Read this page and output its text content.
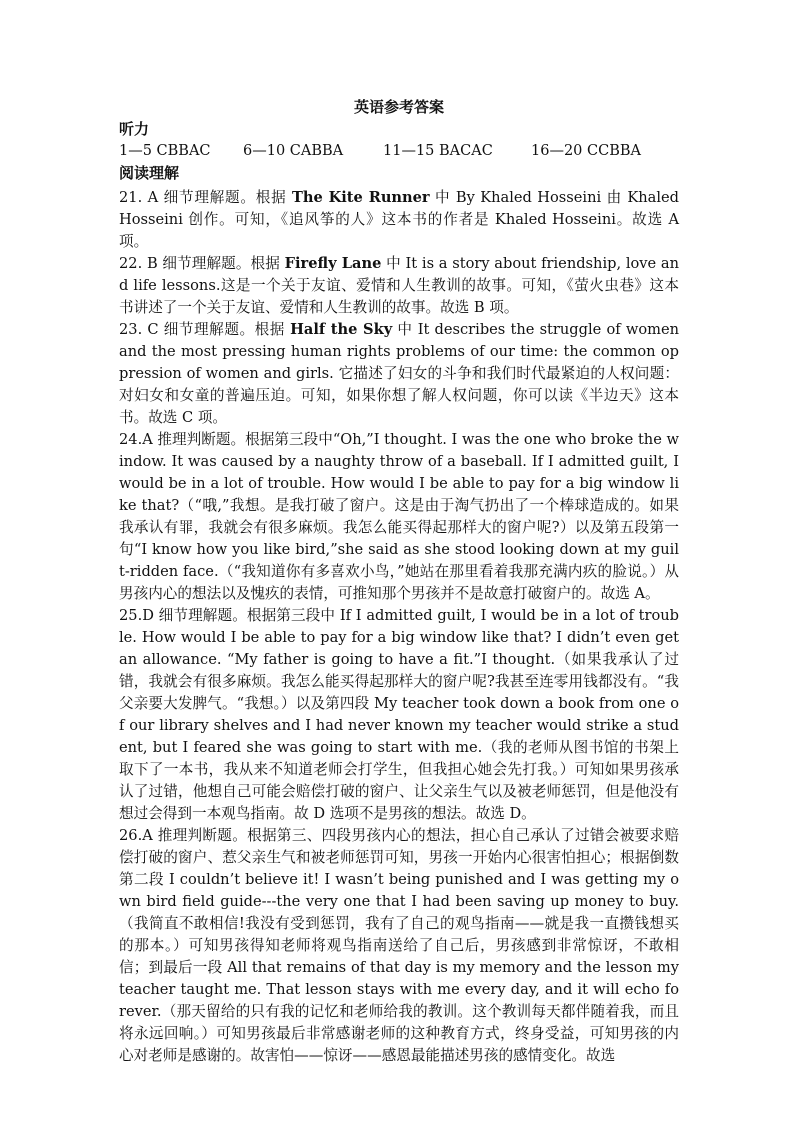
英语参考答案

听力

1—5 CBBAC	6—10 CABBA	11—15 BACAC	16—20 CCBBA

阅读理解

21. A 细节理解题。根据 The Kite Runner 中 By Khaled Hosseini 由 Khaled Hosseini 创作。可知，《追风筝的人》这本书的作者是 Khaled Hosseini。故选 A 项。

22. B 细节理解题。根据 Firefly Lane 中 It is a story about friendship, love and life lessons.这是一个关于友谊、爱情和人生教训的故事。可知，《萤火虫巷》这本书讲述了一个关于友谊、爱情和人生教训的故事。故选 B 项。

23. C 细节理解题。根据 Half the Sky 中 It describes the struggle of women and the most pressing human rights problems of our time: the common oppression of women and girls. 它描述了妇女的斗争和我们时代最紧迫的人权问题：对妇女和女童的普遍压迫。可知，如果你想了解人权问题，你可以读《半边天》这本书。故选 C 项。

24.A 推理判断题。根据第三段中“Oh,”I thought. I was the one who broke the window. It was caused by a naughty throw of a baseball. If I admitted guilt, I would be in a lot of trouble. How would I be able to pay for a big window like that?（“哦,”我想。是我打破了窗户。这是由于淘气扔出了一个棒球造成的。如果我承认有罪，我就会有很多麻烦。我怎么能买得起那样大的窗户呢?）以及第五段第一句“I know how you like bird,”she said as she stood looking down at my guilt-ridden face.（“我知道你有多喜欢小鸟，”她站在那里看着我那充满内疚的脸说。）从男孩内心的想法以及愧疚的表情，可推知那个男孩并不是故意打破窗户的。故选 A。

25.D 细节理解题。根据第三段中 If I admitted guilt, I would be in a lot of trouble. How would I be able to pay for a big window like that? I didn’t even get an allowance. “My father is going to have a fit.”I thought.（如果我承认了过错，我就会有很多麻烦。我怎么能买得起那样大的窗户呢?我甚至连零用钱都没有。“我父亲要大发脾气。“我想。）以及第四段 My teacher took down a book from one of our library shelves and I had never known my teacher would strike a student, but I feared she was going to start with me.（我的老师从图书馆的书架上取下了一本书，我从来不知道老师会打学生，但我担心她会先打我。）可知如果男孩承认了过错，他想自己可能会赔偿打破的窗户、让父亲生气以及被老师惩罚，但是他没有想过会得到一本观鸟指南。故 D 选项不是男孩的想法。故选 D。

26.A 推理判断题。根据第三、四段男孩内心的想法，担心自己承认了过错会被要求赔偿打破的窗户、惹父亲生气和被老师惩罚可知，男孩一开始内心很害怕担心；根据倒数第二段 I couldn’t believe it! I wasn’t being punished and I was getting my own bird field guide---the very one that I had been saving up money to buy.（我简直不敢相信!我没有受到惩罚，我有了自己的观鸟指南——就是我一直攒钱想买的那本。）可知男孩得知老师将观鸟指南送给了自己后，男孩感到非常惊讶，不敢相信；到最后一段 All that remains of that day is my memory and the lesson my teacher taught me. That lesson stays with me every day, and it will echo forever.（那天留给的只有我的记忆和老师给我的教训。这个教训每天都伴随着我，而且将永远回响。）可知男孩最后非常感谢老师的这种教育方式，终身受益，可知男孩的内心对老师是感谢的。故害怕——惊讶——感恩最能描述男孩的感情变化。故选
